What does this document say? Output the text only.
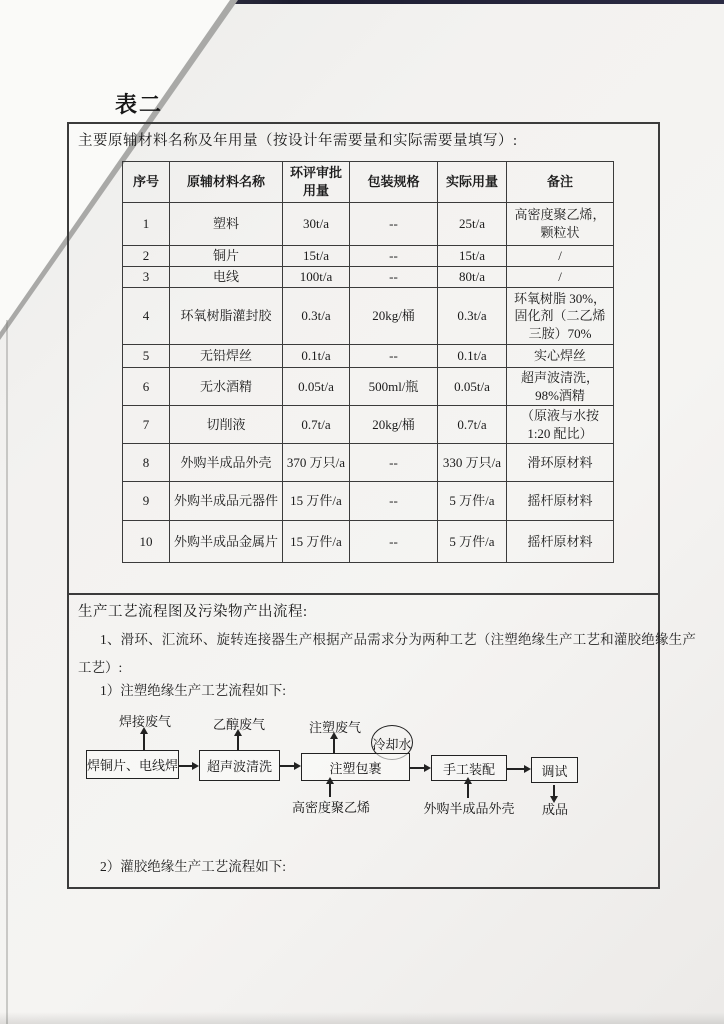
表二
主要原辅材料名称及年用量（按设计年需要量和实际需要量填写）:
序号	原辅材料名称	环评审批用量	包装规格	实际用量	备注
1	塑料	30t/a	--	25t/a	高密度聚乙烯，颗粒状
2	铜片	15t/a	--	15t/a	/
3	电线	100t/a	--	80t/a	/
4	环氧树脂灌封胶	0.3t/a	20kg/桶	0.3t/a	环氧树脂 30%，固化剂（二乙烯三胺）70%
5	无铅焊丝	0.1t/a	--	0.1t/a	实心焊丝
6	无水酒精	0.05t/a	500ml/瓶	0.05t/a	超声波清洗，98%酒精
7	切削液	0.7t/a	20kg/桶	0.7t/a	（原液与水按 1:20 配比）
8	外购半成品外壳	370 万只/a	--	330 万只/a	滑环原材料
9	外购半成品元器件	15 万件/a	--	5 万件/a	摇杆原材料
10	外购半成品金属片	15 万件/a	--	5 万件/a	摇杆原材料
生产工艺流程图及污染物产出流程:
1、滑环、汇流环、旋转连接器生产根据产品需求分为两种工艺（注塑绝缘生产工艺和灌胶绝缘生产
工艺）:
1）注塑绝缘生产工艺流程如下:
焊接废气	乙醇废气	注塑废气
冷却水
焊铜片、电线焊	超声波清洗	注塑包裹	手工装配	调试
高密度聚乙烯	外购半成品外壳	成品
2）灌胶绝缘生产工艺流程如下:
